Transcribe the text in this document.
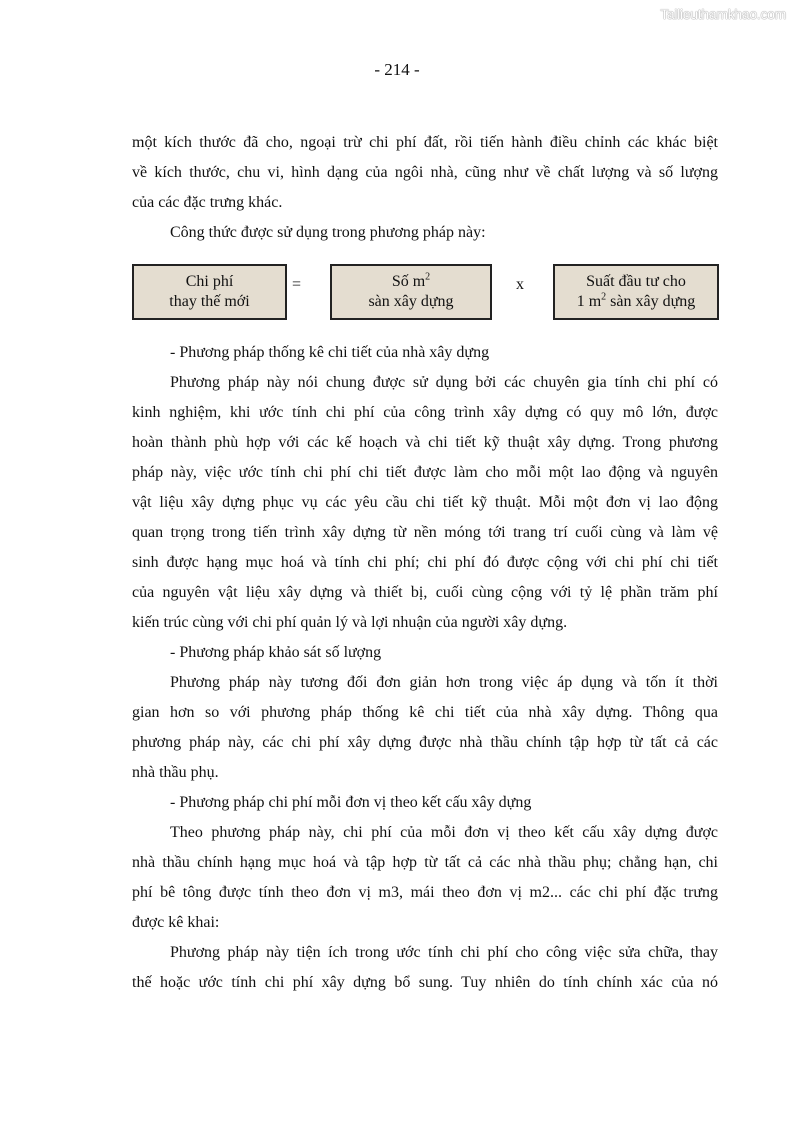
Tailieuthamkhao.com
- 214 -
một kích thước đã cho, ngoại trừ chi phí đất, rồi tiến hành điều chỉnh các khác biệt
về kích thước, chu vi, hình dạng của ngôi nhà, cũng như về chất lượng và số lượng
của các đặc trưng khác.
Công thức được sử dụng trong phương pháp này:
Chi phí
thay thế mới
=	Số $m^2$
sàn xây dựng
x	Suất đầu tư cho
1 $m^2$ sàn xây dựng
- Phương pháp thống kê chi tiết của nhà xây dựng
Phương pháp này nói chung được sử dụng bởi các chuyên gia tính chi phí có
kinh nghiệm, khi ước tính chi phí của công trình xây dựng có quy mô lớn, được
hoàn thành phù hợp với các kế hoạch và chi tiết kỹ thuật xây dựng. Trong phương
pháp này, việc ước tính chi phí chi tiết được làm cho mỗi một lao động và nguyên
vật liệu xây dựng phục vụ các yêu cầu chi tiết kỹ thuật. Mỗi một đơn vị lao động
quan trọng trong tiến trình xây dựng từ nền móng tới trang trí cuối cùng và làm vệ
sinh được hạng mục hoá và tính chi phí; chi phí đó được cộng với chi phí chi tiết
của nguyên vật liệu xây dựng và thiết bị, cuối cùng cộng với tỷ lệ phần trăm phí
kiến trúc cùng với chi phí quản lý và lợi nhuận của người xây dựng.
- Phương pháp khảo sát số lượng
Phương pháp này tương đối đơn giản hơn trong việc áp dụng và tốn ít thời
gian hơn so với phương pháp thống kê chi tiết của nhà xây dựng. Thông qua
phương pháp này, các chi phí xây dựng được nhà thầu chính tập hợp từ tất cả các
nhà thầu phụ.
- Phương pháp chi phí mỗi đơn vị theo kết cấu xây dựng
Theo phương pháp này, chi phí của mỗi đơn vị theo kết cấu xây dựng được
nhà thầu chính hạng mục hoá và tập hợp từ tất cả các nhà thầu phụ; chẳng hạn, chi
phí bê tông được tính theo đơn vị m3, mái theo đơn vị m2... các chi phí đặc trưng
được kê khai:
Phương pháp này tiện ích trong ước tính chi phí cho công việc sửa chữa, thay
thế hoặc ước tính chi phí xây dựng bổ sung. Tuy nhiên do tính chính xác của nó
